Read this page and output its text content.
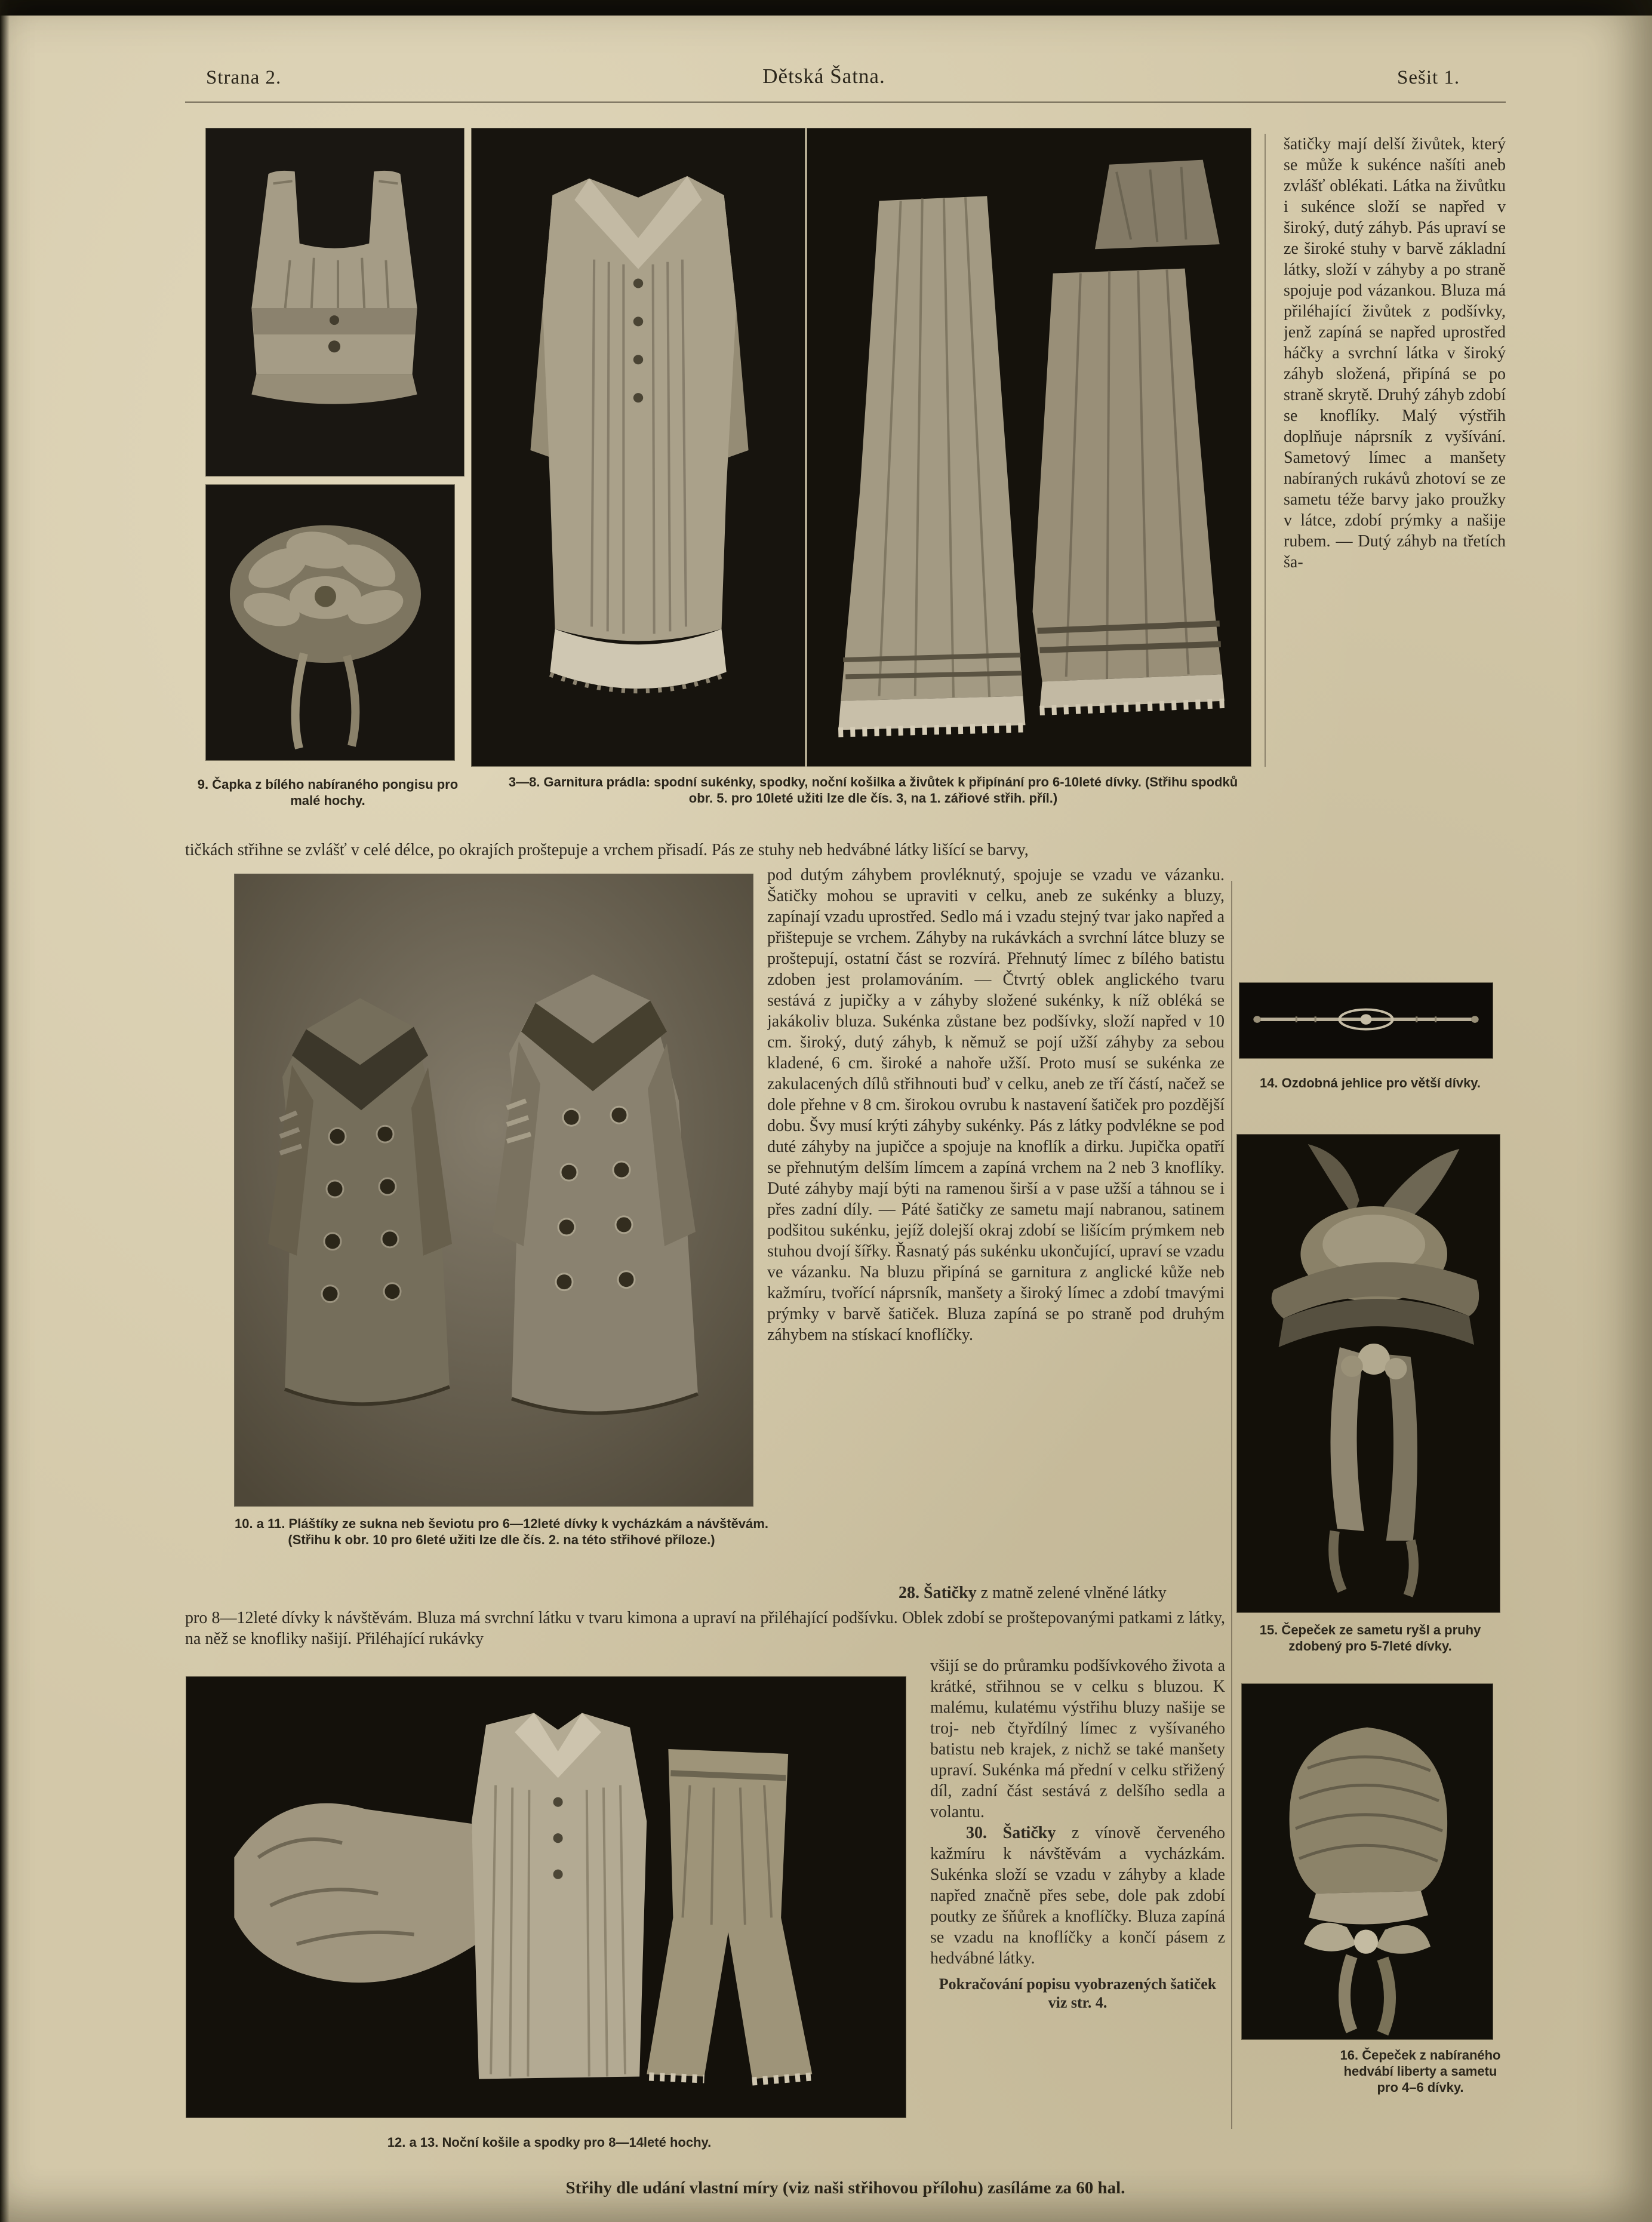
Strana 2.	Dětská Šatna.	Sešit 1.
šatičky mají delší živůtek, který se může k sukénce našíti aneb zvlášť oblékati. Látka na živůtku i sukénce složí se napřed v široký, dutý záhyb. Pás upraví se ze široké stuhy v barvě základní látky, složí v záhyby a po straně spojuje pod vázankou. Bluza má přiléhající živůtek z podšívky, jenž zapíná se napřed uprostřed háčky a svrchní látka v široký záhyb složená, připíná se po straně skrytě. Druhý záhyb zdobí se knoflíky. Malý výstřih doplňuje náprsník z vyšívání. Sametový límec a manšety nabíraných rukávů zhotoví se ze sametu téže barvy jako proužky v látce, zdobí prýmky a našije rubem. — Dutý záhyb na třetích ša-
9. Čapka z bílého nabíraného pongisu pro malé hochy.
3—8. Garnitura prádla: spodní sukénky, spodky, noční košilka a živůtek k připínání pro 6-10leté dívky. (Střihu spodků obr. 5. pro 10leté užiti lze dle čís. 3, na 1. zářiové střih. příl.)
tičkách střihne se zvlášť v celé délce, po okrajích proštepuje a vrchem přisadí. Pás ze stuhy neb hedvábné látky lišící se barvy,
pod dutým záhybem provléknutý, spojuje se vzadu ve vázanku. Šatičky mohou se upraviti v celku, aneb ze sukénky a bluzy, zapínají vzadu uprostřed. Sedlo má i vzadu stejný tvar jako napřed a přištepuje se vrchem. Záhyby na rukávkách a svrchní látce bluzy se proštepují, ostatní část se rozvírá. Přehnutý límec z bílého batistu zdoben jest prolamováním. — Čtvrtý oblek anglického tvaru sestává z jupičky a v záhyby složené sukénky, k níž obléká se jakákoliv bluza. Sukénka zůstane bez podšívky, složí napřed v 10 cm. široký, dutý záhyb, k němuž se pojí užší záhyby za sebou kladené, 6 cm. široké a nahoře užší. Proto musí se sukénka ze zakulacených dílů střihnouti buď v celku, aneb ze tří částí, načež se dole přehne v 8 cm. širokou ovrubu k nastavení šatiček pro pozdější dobu. Švy musí krýti záhyby sukénky. Pás z látky podvlékne se pod duté záhyby na jupičce a spojuje na knoflík a dirku. Jupička opatří se přehnutým delším límcem a zapíná vrchem na 2 neb 3 knoflíky. Duté záhyby mají býti na ramenou širší a v pase užší a táhnou se i přes zadní díly. — Páté šatičky ze sametu mají nabranou, satinem podšitou sukénku, jejíž dolejší okraj zdobí se lišícím prýmkem neb stuhou dvojí šířky. Řasnatý pás sukénku ukončující, upraví se vzadu ve vázanku. Na bluzu připíná se garnitura z anglické kůže neb kažmíru, tvořící náprsník, manšety a široký límec a zdobí tmavými prýmky v barvě šatiček. Bluza zapíná se po straně pod druhým záhybem na stískací knoflíčky.
14. Ozdobná jehlice pro větší dívky.
15. Čepeček ze sametu ryšl a pruhy zdobený pro 5-7leté dívky.
10. a 11. Pláštíky ze sukna neb ševiotu pro 6—12leté dívky k vycházkám a návštěvám. (Střihu k obr. 10 pro 6leté užiti lze dle čís. 2. na této střihové příloze.)

28. Šatičky z matně zelené vlněné látky

pro 8—12leté dívky k návštěvám. Bluza má svrchní látku v tvaru kimona a upraví na přiléhající podšívku. Oblek zdobí se proštepovanými patkami z látky, na něž se knofliky našijí. Přiléhající rukávky

všijí se do průramku podšívkového života a krátké, střihnou se v celku s bluzou. K malému, kulatému výstřihu bluzy našije se troj- neb čtyřdílný límec z vyšívaného batistu neb krajek, z nichž se také manšety upraví. Sukénka má přední v celku střižený díl, zadní část sestává z delšího sedla a volantu.

30. Šatičky z vínově červeného kažmíru k návštěvám a vycházkám. Sukénka složí se vzadu v záhyby a klade napřed značně přes sebe, dole pak zdobí poutky ze šňůrek a knoflíčky. Bluza zapíná se vzadu na knoflíčky a končí pásem z hedvábné látky.

Pokračování popisu vyobrazených šatiček viz str. 4.

12. a 13. Noční košile a spodky pro 8—14leté hochy.
16. Čepeček z nabíraného hedvábí liberty a sametu pro 4–6 dívky.
Střihy dle udání vlastní míry (viz naši střihovou přílohu) zasíláme za 60 hal.
